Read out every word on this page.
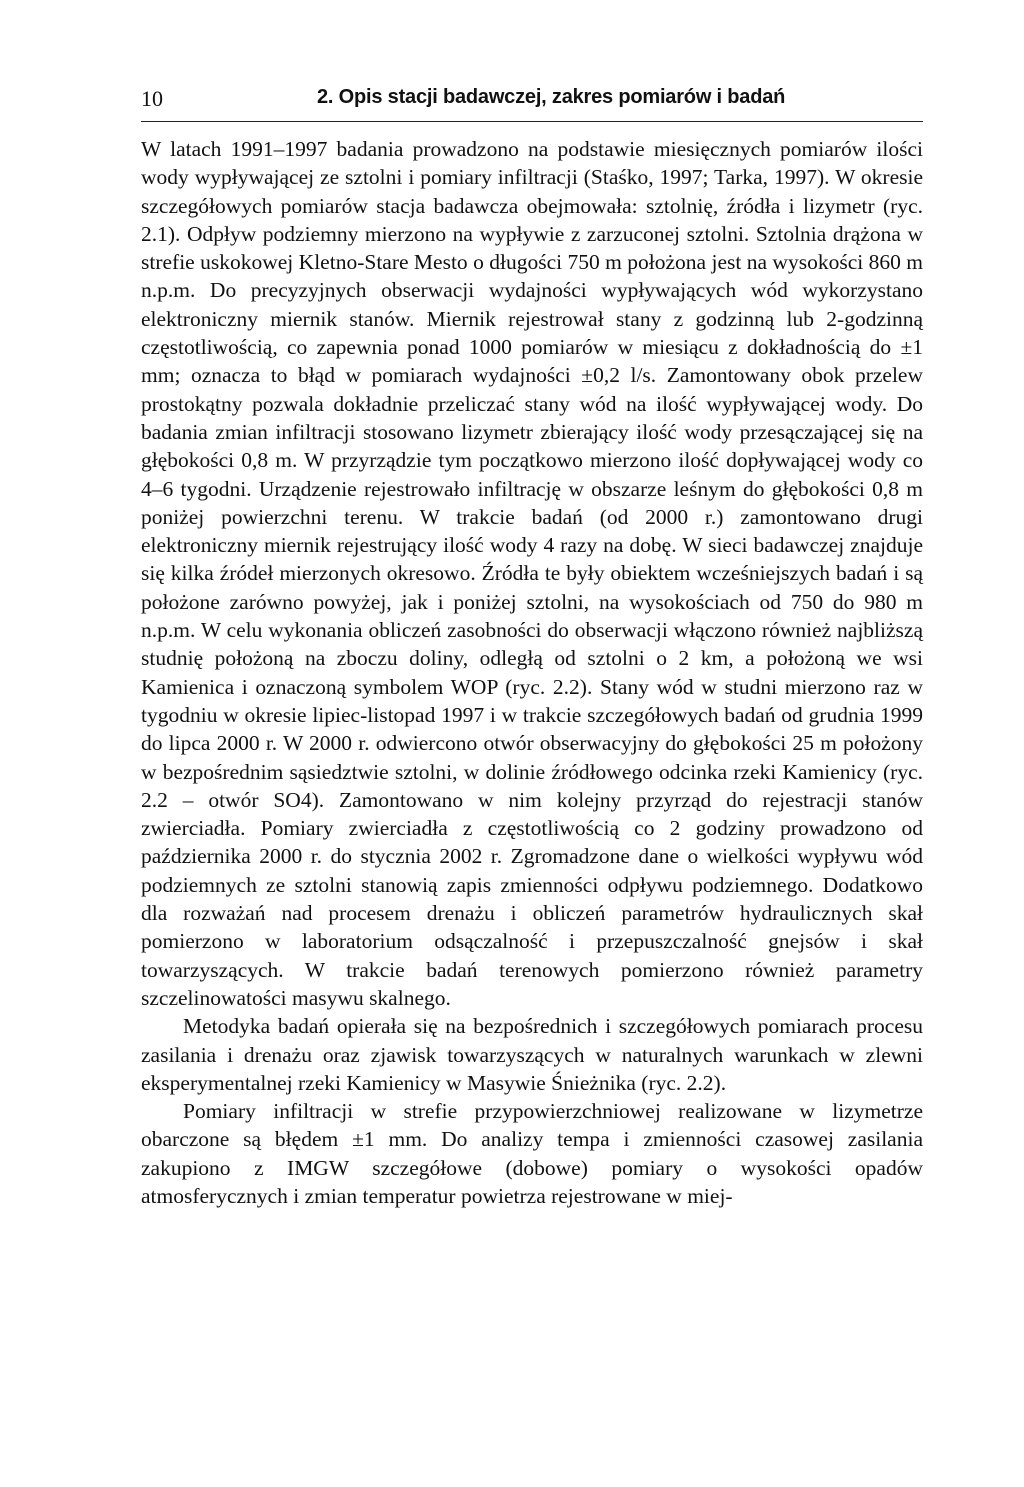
10	2. Opis stacji badawczej, zakres pomiarów i badań

W latach 1991–1997 badania prowadzono na podstawie miesięcznych pomiarów ilości wody wypływającej ze sztolni i pomiary infiltracji (Staśko, 1997; Tarka, 1997). W okresie szczegółowych pomiarów stacja badawcza obejmowała: sztolnię, źródła i lizymetr (ryc. 2.1). Odpływ podziemny mierzono na wypływie z zarzuconej sztolni. Sztolnia drążona w strefie uskokowej Kletno-Stare Mesto o długości 750 m położona jest na wysokości 860 m n.p.m. Do precyzyjnych obserwacji wydajności wypływających wód wykorzystano elektroniczny miernik stanów. Miernik rejestrował stany z godzinną lub 2-godzinną częstotliwością, co zapewnia ponad 1000 pomiarów w miesiącu z dokładnością do ±1 mm; oznacza to błąd w pomiarach wydajności ±0,2 l/s. Zamontowany obok przelew prostokątny pozwala dokładnie przeliczać stany wód na ilość wypływającej wody. Do badania zmian infiltracji stosowano lizymetr zbierający ilość wody przesączającej się na głębokości 0,8 m. W przyrządzie tym początkowo mierzono ilość dopływającej wody co 4–6 tygodni. Urządzenie rejestrowało infiltrację w obszarze leśnym do głębokości 0,8 m poniżej powierzchni terenu. W trakcie badań (od 2000 r.) zamontowano drugi elektroniczny miernik rejestrujący ilość wody 4 razy na dobę. W sieci badawczej znajduje się kilka źródeł mierzonych okresowo. Źródła te były obiektem wcześniejszych badań i są położone zarówno powyżej, jak i poniżej sztolni, na wysokościach od 750 do 980 m n.p.m. W celu wykonania obliczeń zasobności do obserwacji włączono również najbliższą studnię położoną na zboczu doliny, odległą od sztolni o 2 km, a położoną we wsi Kamienica i oznaczoną symbolem WOP (ryc. 2.2). Stany wód w studni mierzono raz w tygodniu w okresie lipiec-listopad 1997 i w trakcie szczegółowych badań od grudnia 1999 do lipca 2000 r. W 2000 r. odwiercono otwór obserwacyjny do głębokości 25 m położony w bezpośrednim sąsiedztwie sztolni, w dolinie źródłowego odcinka rzeki Kamienicy (ryc. 2.2 – otwór SO4). Zamontowano w nim kolejny przyrząd do rejestracji stanów zwierciadła. Pomiary zwierciadła z częstotliwością co 2 godziny prowadzono od października 2000 r. do stycznia 2002 r. Zgromadzone dane o wielkości wypływu wód podziemnych ze sztolni stanowią zapis zmienności odpływu podziemnego. Dodatkowo dla rozważań nad procesem drenażu i obliczeń parametrów hydraulicznych skał pomierzono w laboratorium odsączalność i przepuszczalność gnejsów i skał towarzyszących. W trakcie badań terenowych pomierzono również parametry szczelinowatości masywu skalnego.

Metodyka badań opierała się na bezpośrednich i szczegółowych pomiarach procesu zasilania i drenażu oraz zjawisk towarzyszących w naturalnych warunkach w zlewni eksperymentalnej rzeki Kamienicy w Masywie Śnieżnika (ryc. 2.2).

Pomiary infiltracji w strefie przypowierzchniowej realizowane w lizymetrze obarczone są błędem ±1 mm. Do analizy tempa i zmienności czasowej zasilania zakupiono z IMGW szczegółowe (dobowe) pomiary o wysokości opadów atmosferycznych i zmian temperatur powietrza rejestrowane w miej-
